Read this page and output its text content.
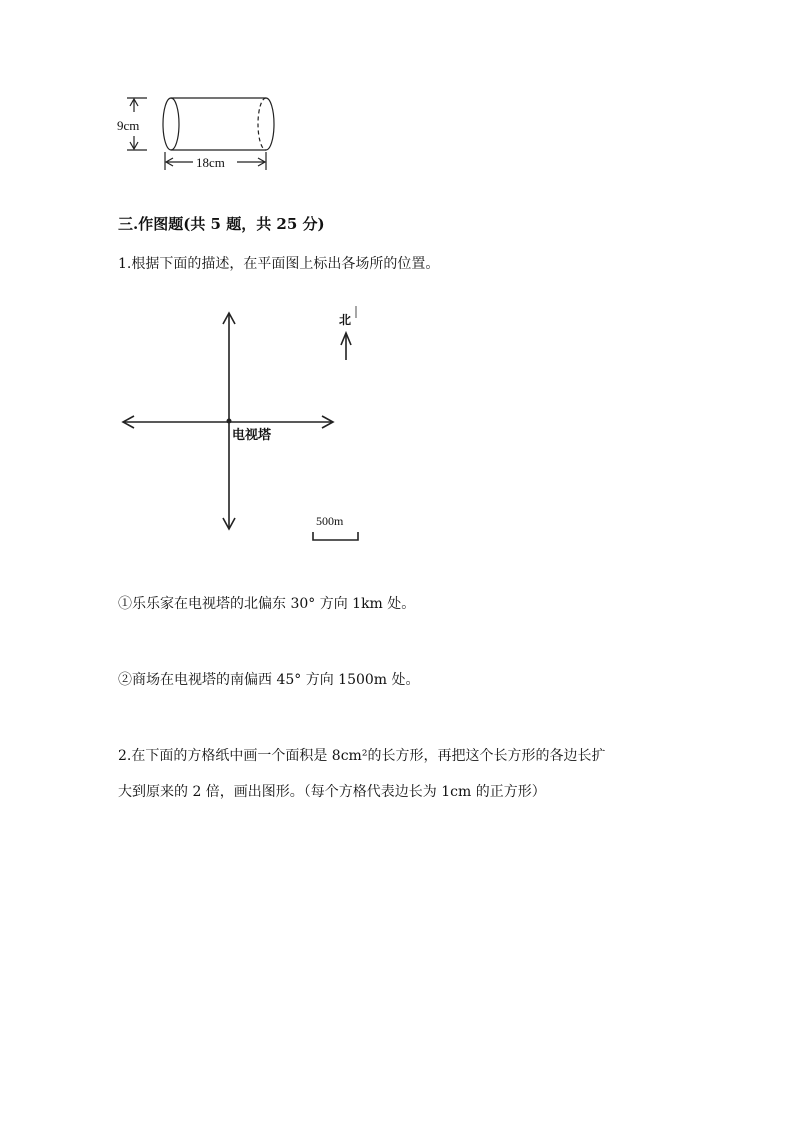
9cm
18cm
三.作图题(共 5 题，共 25 分)
1.根据下面的描述，在平面图上标出各场所的位置。
电视塔
北
500m
①乐乐家在电视塔的北偏东 30° 方向 1km 处。
②商场在电视塔的南偏西 45° 方向 1500m 处。
2.在下面的方格纸中画一个面积是 8cm²的长方形，再把这个长方形的各边长扩
大到原来的 2 倍，画出图形。（每个方格代表边长为 1cm 的正方形）
